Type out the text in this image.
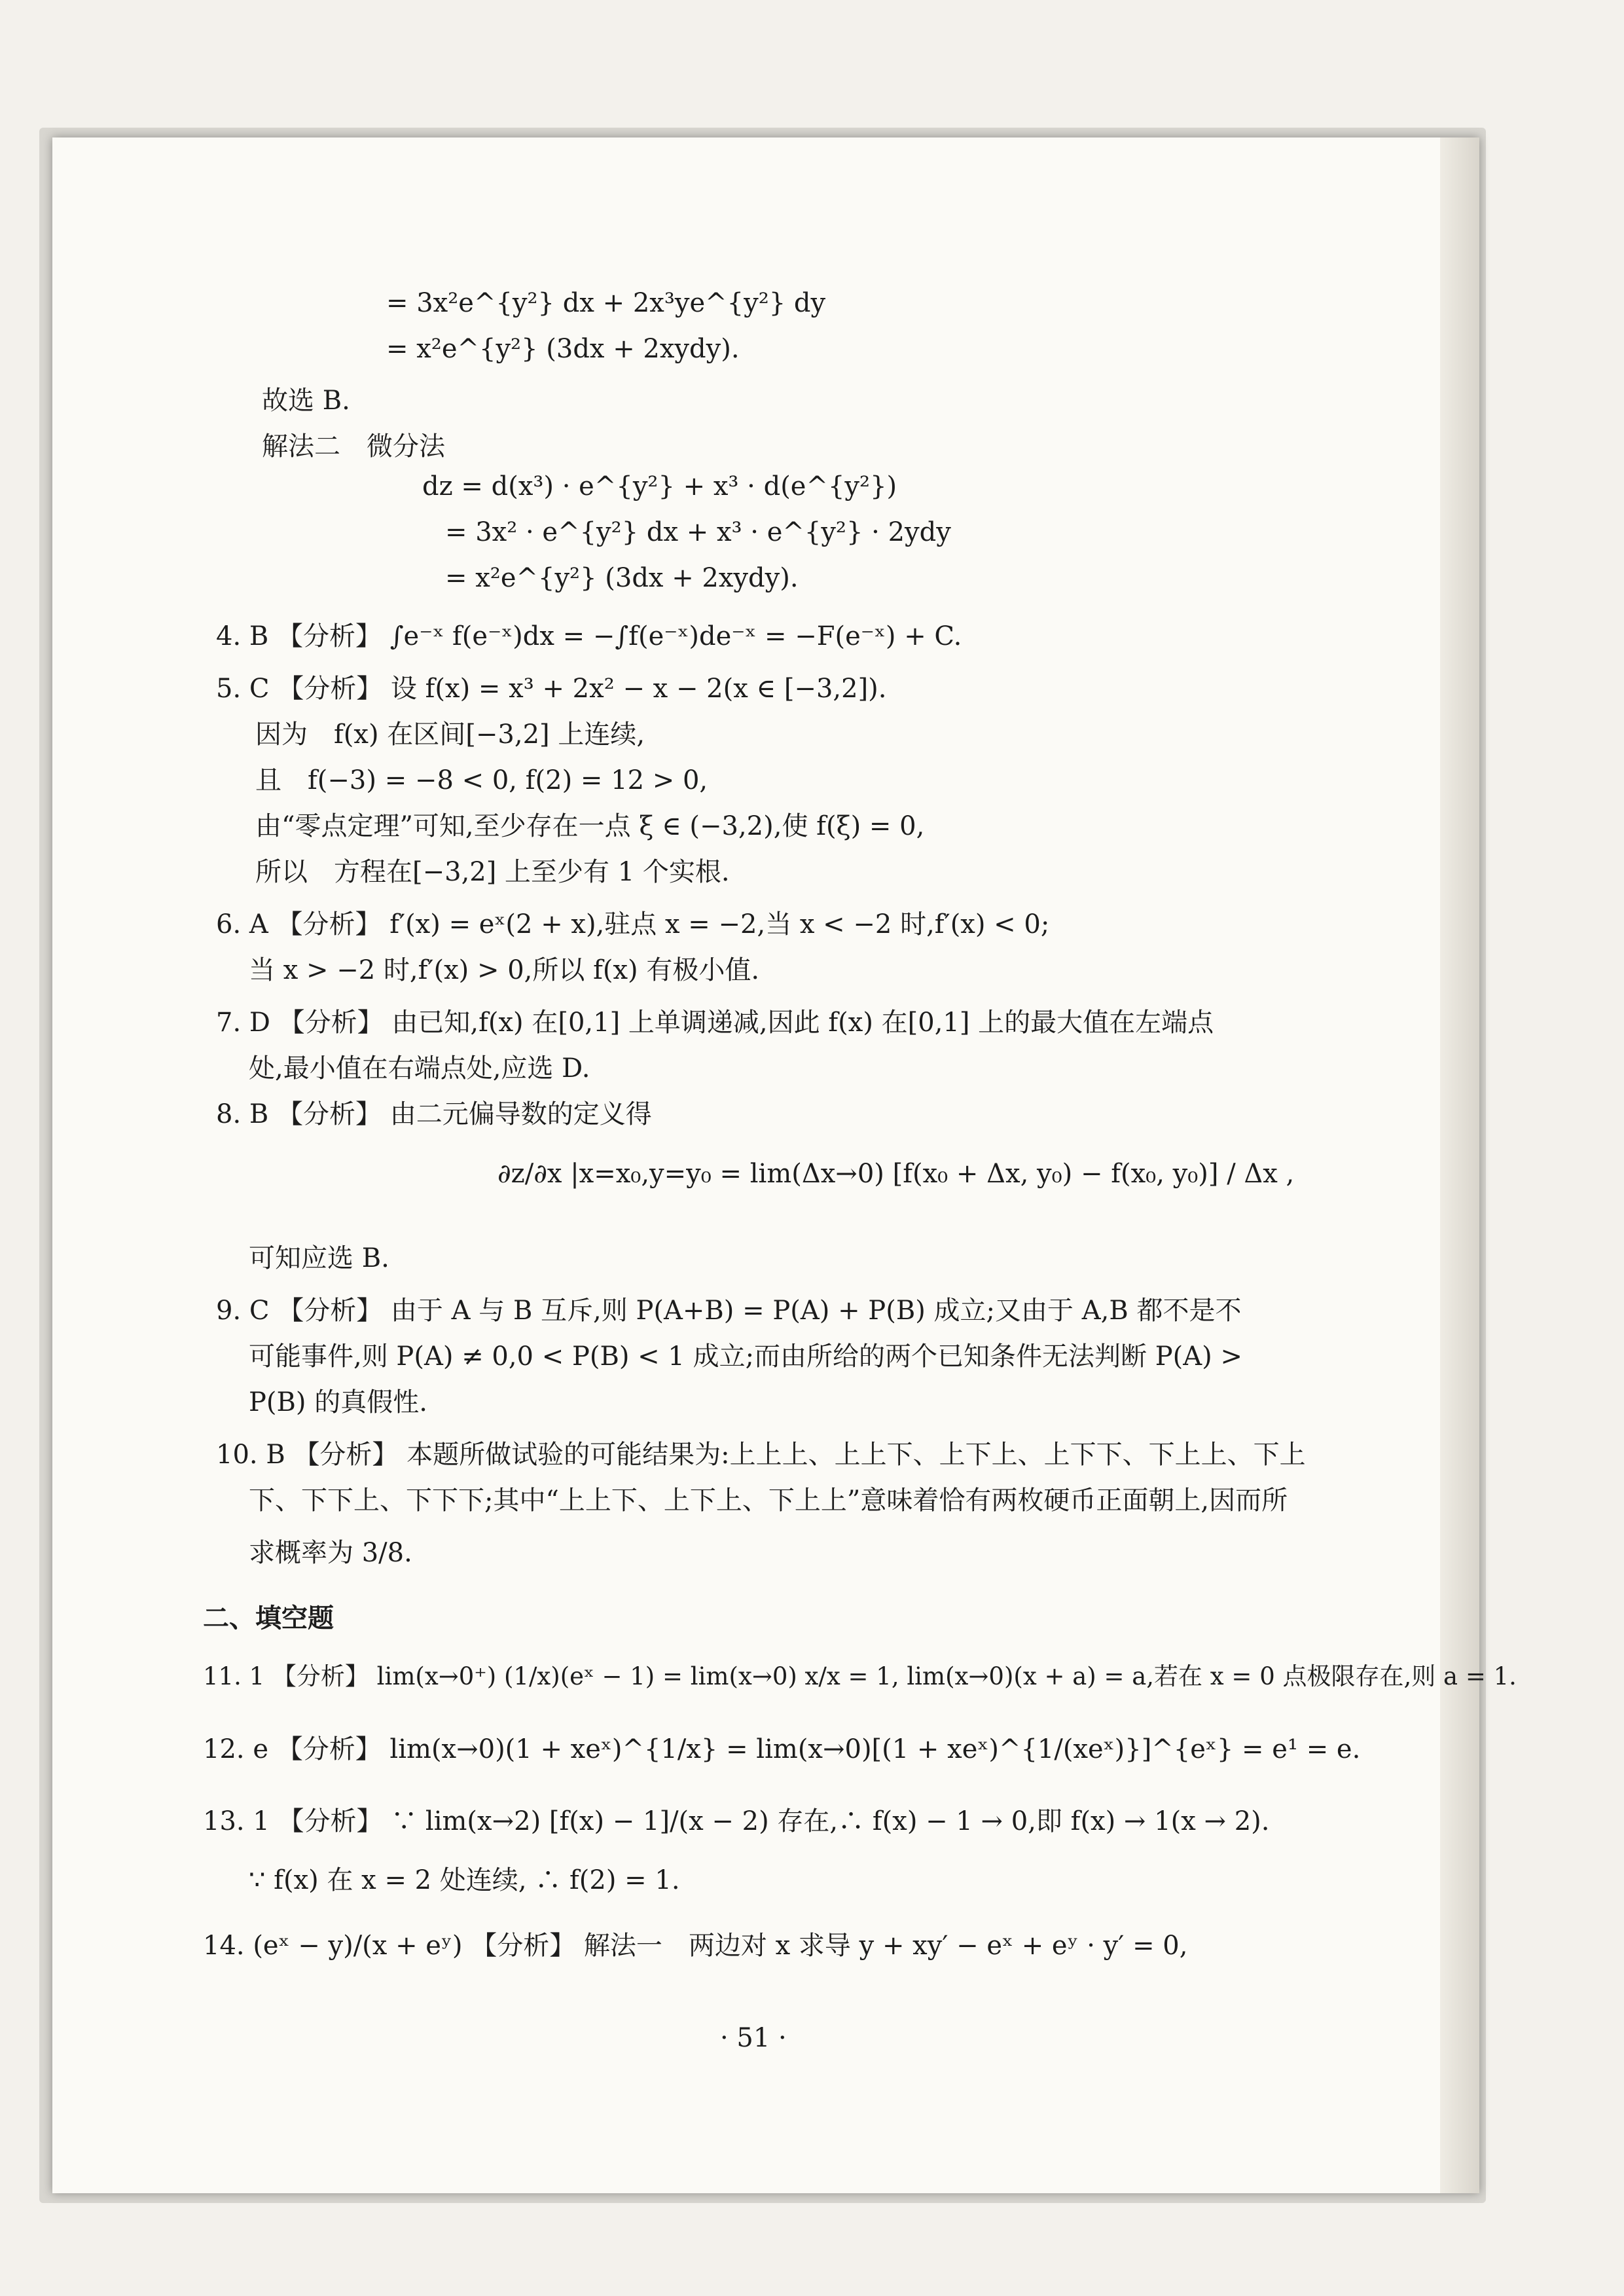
= 3x²e^{y²} dx + 2x³ye^{y²} dy
= x²e^{y²} (3dx + 2xydy).
故选 B.
解法二　微分法
dz = d(x³) · e^{y²} + x³ · d(e^{y²})
= 3x² · e^{y²} dx + x³ · e^{y²} · 2ydy
= x²e^{y²} (3dx + 2xydy).
4. B 【分析】 ∫e⁻ˣ f(e⁻ˣ)dx = −∫f(e⁻ˣ)de⁻ˣ = −F(e⁻ˣ) + C.
5. C 【分析】 设 f(x) = x³ + 2x² − x − 2(x ∈ [−3,2]).
因为　f(x) 在区间[−3,2] 上连续,
且　f(−3) = −8 < 0, f(2) = 12 > 0,
由“零点定理”可知,至少存在一点 ξ ∈ (−3,2),使 f(ξ) = 0,
所以　方程在[−3,2] 上至少有 1 个实根.
6. A 【分析】 f′(x) = eˣ(2 + x),驻点 x = −2,当 x < −2 时,f′(x) < 0;
当 x > −2 时,f′(x) > 0,所以 f(x) 有极小值.
7. D 【分析】 由已知,f(x) 在[0,1] 上单调递减,因此 f(x) 在[0,1] 上的最大值在左端点
处,最小值在右端点处,应选 D.
8. B 【分析】 由二元偏导数的定义得
∂z/∂x |x=x₀,y=y₀ = lim(Δx→0) [f(x₀ + Δx, y₀) − f(x₀, y₀)] / Δx ,
可知应选 B.
9. C 【分析】 由于 A 与 B 互斥,则 P(A+B) = P(A) + P(B) 成立;又由于 A,B 都不是不
可能事件,则 P(A) ≠ 0,0 < P(B) < 1 成立;而由所给的两个已知条件无法判断 P(A) >
P(B) 的真假性.
10. B 【分析】 本题所做试验的可能结果为:上上上、上上下、上下上、上下下、下上上、下上
下、下下上、下下下;其中“上上下、上下上、下上上”意味着恰有两枚硬币正面朝上,因而所
求概率为 3/8.
二、填空题
11. 1 【分析】 lim(x→0⁺) (1/x)(eˣ − 1) = lim(x→0) x/x = 1, lim(x→0)(x + a) = a,若在 x = 0 点极限存在,则 a = 1.
12. e 【分析】 lim(x→0)(1 + xeˣ)^{1/x} = lim(x→0)[(1 + xeˣ)^{1/(xeˣ)}]^{eˣ} = e¹ = e.
13. 1 【分析】 ∵ lim(x→2) [f(x) − 1]/(x − 2) 存在,∴ f(x) − 1 → 0,即 f(x) → 1(x → 2).
∵ f(x) 在 x = 2 处连续, ∴ f(2) = 1.
14. (eˣ − y)/(x + eʸ) 【分析】 解法一　两边对 x 求导 y + xy′ − eˣ + eʸ · y′ = 0,
· 51 ·
